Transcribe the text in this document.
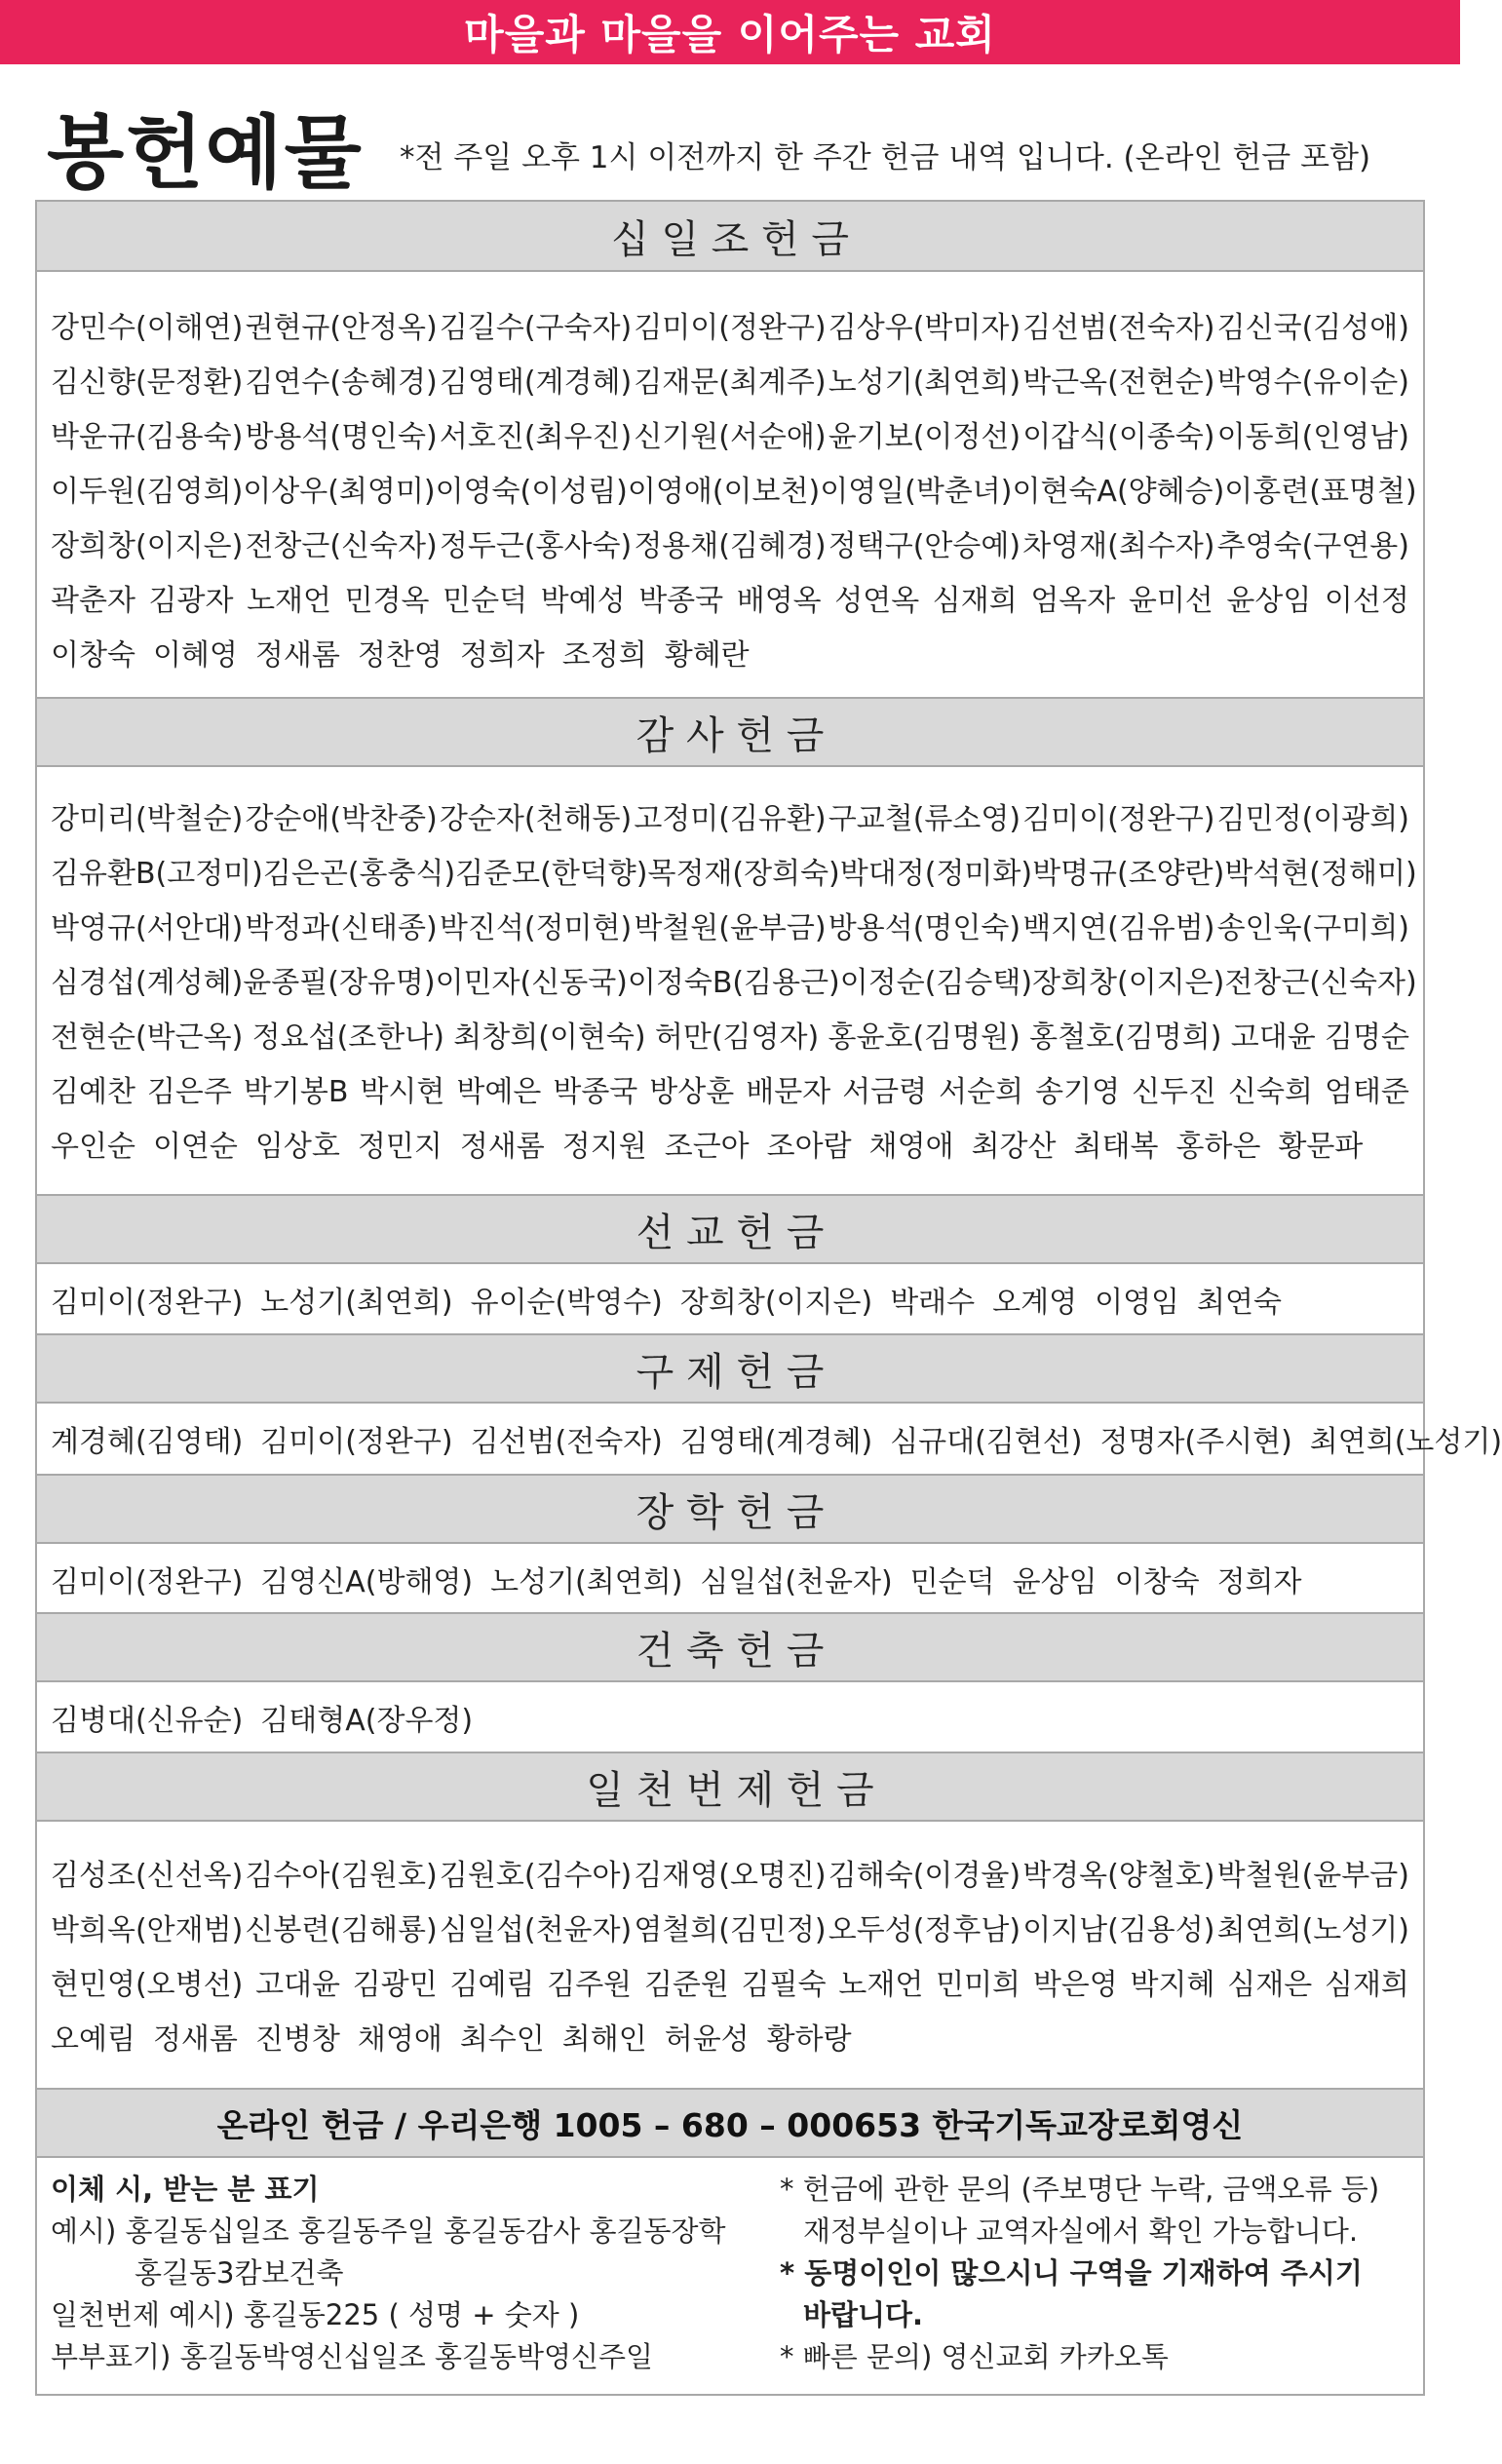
마을과 마을을 이어주는 교회
봉헌예물 *전 주일 오후 1시 이전까지 한 주간 헌금 내역 입니다. (온라인 헌금 포함)
온라인 헌금 / 우리은행 1005 – 680 – 000653 한국기독교장로회영신
이체 시, 받는 분 표기
예시) 홍길동십일조 홍길동주일 홍길동감사 홍길동장학
홍길동3캄보건축
일천번제 예시) 홍길동225 ( 성명 + 숫자 )
부부표기) 홍길동박영신십일조 홍길동박영신주일
* 헌금에 관한 문의 (주보명단 누락, 금액오류 등)
재정부실이나 교역자실에서 확인 가능합니다.
* 동명이인이 많으시니 구역을 기재하여 주시기
바랍니다.
* 빠른 문의) 영신교회 카카오톡
십 일 조 헌 금
강민수(이해연) 권현규(안정옥) 김길수(구숙자) 김미이(정완구) 김상우(박미자) 김선범(전숙자) 김신국(김성애)
김신향(문정환) 김연수(송혜경) 김영태(계경혜) 김재문(최계주) 노성기(최연희) 박근옥(전현순) 박영수(유이순)
박운규(김용숙) 방용석(명인숙) 서호진(최우진) 신기원(서순애) 윤기보(이정선) 이갑식(이종숙) 이동희(인영남)
이두원(김영희) 이상우(최영미) 이영숙(이성림) 이영애(이보천) 이영일(박춘녀) 이현숙A(양혜승) 이홍련(표명철)
장희창(이지은) 전창근(신숙자) 정두근(홍사숙) 정용채(김혜경) 정택구(안승예) 차영재(최수자) 추영숙(구연용)
곽춘자 김광자 노재언 민경옥 민순덕 박예성 박종국 배영옥 성연옥 심재희 엄옥자 윤미선 윤상임 이선정
이창숙 이혜영 정새롬 정찬영 정희자 조정희 황혜란
감 사 헌 금
강미리(박철순) 강순애(박찬중) 강순자(천해동) 고정미(김유환) 구교철(류소영) 김미이(정완구) 김민정(이광희)
김유환B(고정미) 김은곤(홍충식) 김준모(한덕향) 목정재(장희숙) 박대정(정미화) 박명규(조양란) 박석현(정해미)
박영규(서안대) 박정과(신태종) 박진석(정미현) 박철원(윤부금) 방용석(명인숙) 백지연(김유범) 송인욱(구미희)
심경섭(계성혜) 윤종필(장유명) 이민자(신동국) 이정숙B(김용근) 이정순(김승택) 장희창(이지은) 전창근(신숙자)
전현순(박근옥) 정요섭(조한나) 최창희(이현숙) 허만(김영자) 홍윤호(김명원) 홍철호(김명희) 고대윤 김명순
김예찬 김은주 박기봉B 박시현 박예은 박종국 방상훈 배문자 서금령 서순희 송기영 신두진 신숙희 엄태준
우인순 이연순 임상호 정민지 정새롬 정지원 조근아 조아람 채영애 최강산 최태복 홍하은 황문파
선 교 헌 금
김미이(정완구) 노성기(최연희) 유이순(박영수) 장희창(이지은) 박래수 오계영 이영임 최연숙
구 제 헌 금
계경혜(김영태) 김미이(정완구) 김선범(전숙자) 김영태(계경혜) 심규대(김현선) 정명자(주시현) 최연희(노성기)
장 학 헌 금
김미이(정완구) 김영신A(방해영) 노성기(최연희) 심일섭(천윤자) 민순덕 윤상임 이창숙 정희자
건 축 헌 금
김병대(신유순) 김태형A(장우정)
일 천 번 제 헌 금
김성조(신선옥) 김수아(김원호) 김원호(김수아) 김재영(오명진) 김해숙(이경율) 박경옥(양철호) 박철원(윤부금)
박희옥(안재범) 신봉련(김해룡) 심일섭(천윤자) 염철희(김민정) 오두성(정후남) 이지남(김용성) 최연희(노성기)
현민영(오병선) 고대윤 김광민 김예림 김주원 김준원 김필숙 노재언 민미희 박은영 박지혜 심재은 심재희
오예림 정새롬 진병창 채영애 최수인 최해인 허윤성 황하랑
